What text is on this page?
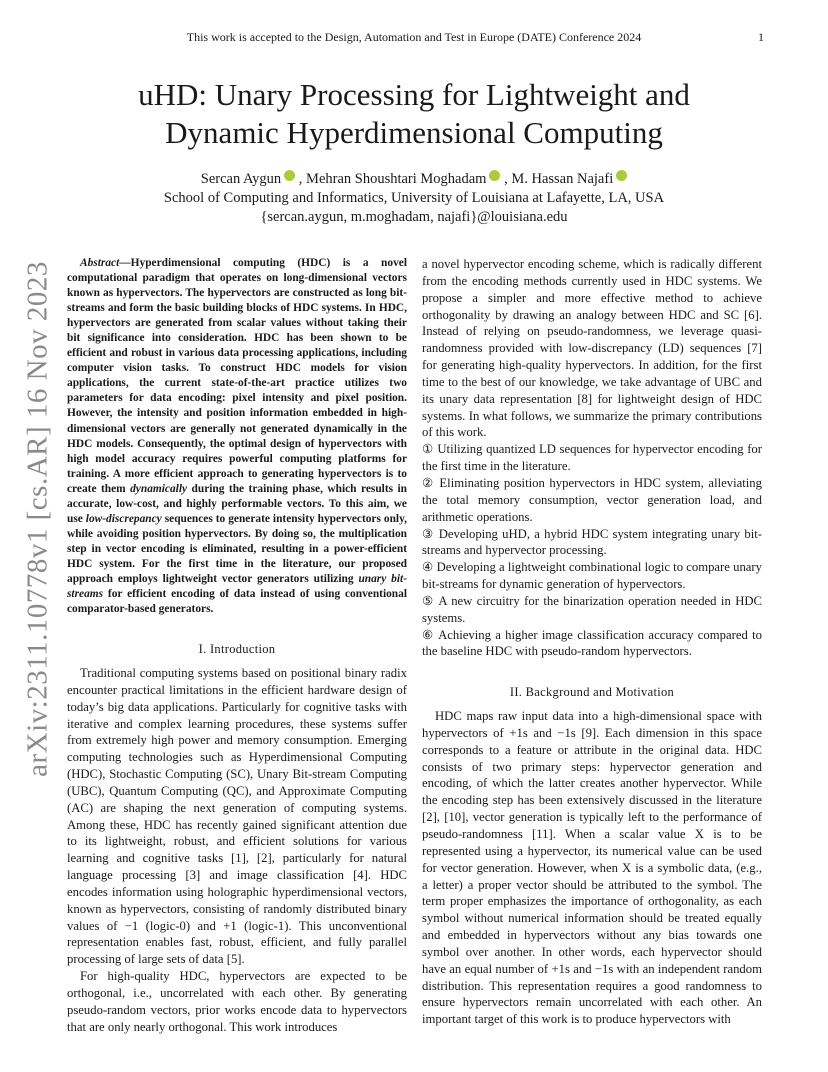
This work is accepted to the Design, Automation and Test in Europe (DATE) Conference 2024	1
arXiv:2311.10778v1 [cs.AR] 16 Nov 2023
uHD: Unary Processing for Lightweight and
Dynamic Hyperdimensional Computing
Sercan Aygun , Mehran Shoushtari Moghadam , M. Hassan Najafi
School of Computing and Informatics, University of Louisiana at Lafayette, LA, USA
{sercan.aygun, m.moghadam, najafi}@louisiana.edu

Abstract—Hyperdimensional computing (HDC) is a novel computational paradigm that operates on long-dimensional vectors known as hypervectors. The hypervectors are constructed as long bit-streams and form the basic building blocks of HDC systems. In HDC, hypervectors are generated from scalar values without taking their bit significance into consideration. HDC has been shown to be efficient and robust in various data processing applications, including computer vision tasks. To construct HDC models for vision applications, the current state-of-the-art practice utilizes two parameters for data encoding: pixel intensity and pixel position. However, the intensity and position information embedded in high-dimensional vectors are generally not generated dynamically in the HDC models. Consequently, the optimal design of hypervectors with high model accuracy requires powerful computing platforms for training. A more efficient approach to generating hypervectors is to create them dynamically during the training phase, which results in accurate, low-cost, and highly performable vectors. To this aim, we use low-discrepancy sequences to generate intensity hypervectors only, while avoiding position hypervectors. By doing so, the multiplication step in vector encoding is eliminated, resulting in a power-efficient HDC system. For the first time in the literature, our proposed approach employs lightweight vector generators utilizing unary bit-streams for efficient encoding of data instead of using conventional comparator-based generators.

I. Introduction

Traditional computing systems based on positional binary radix encounter practical limitations in the efficient hardware design of today’s big data applications. Particularly for cognitive tasks with iterative and complex learning procedures, these systems suffer from extremely high power and memory consumption. Emerging computing technologies such as Hyperdimensional Computing (HDC), Stochastic Computing (SC), Unary Bit-stream Computing (UBC), Quantum Computing (QC), and Approximate Computing (AC) are shaping the next generation of computing systems. Among these, HDC has recently gained significant attention due to its lightweight, robust, and efficient solutions for various learning and cognitive tasks [1], [2], particularly for natural language processing [3] and image classification [4]. HDC encodes information using holographic hyperdimensional vectors, known as hypervectors, consisting of randomly distributed binary values of −1 (logic-0) and +1 (logic-1). This unconventional representation enables fast, robust, efficient, and fully parallel processing of large sets of data [5].

For high-quality HDC, hypervectors are expected to be orthogonal, i.e., uncorrelated with each other. By generating pseudo-random vectors, prior works encode data to hypervectors that are only nearly orthogonal. This work introduces

a novel hypervector encoding scheme, which is radically different from the encoding methods currently used in HDC systems. We propose a simpler and more effective method to achieve orthogonality by drawing an analogy between HDC and SC [6]. Instead of relying on pseudo-randomness, we leverage quasi-randomness provided with low-discrepancy (LD) sequences [7] for generating high-quality hypervectors. In addition, for the first time to the best of our knowledge, we take advantage of UBC and its unary data representation [8] for lightweight design of HDC systems. In what follows, we summarize the primary contributions of this work.

① Utilizing quantized LD sequences for hypervector encoding for the first time in the literature.

② Eliminating position hypervectors in HDC system, alleviating the total memory consumption, vector generation load, and arithmetic operations.

③ Developing uHD, a hybrid HDC system integrating unary bit-streams and hypervector processing.

④ Developing a lightweight combinational logic to compare unary bit-streams for dynamic generation of hypervectors.

⑤ A new circuitry for the binarization operation needed in HDC systems.

⑥ Achieving a higher image classification accuracy compared to the baseline HDC with pseudo-random hypervectors.

II. Background and Motivation

HDC maps raw input data into a high-dimensional space with hypervectors of +1s and −1s [9]. Each dimension in this space corresponds to a feature or attribute in the original data. HDC consists of two primary steps: hypervector generation and encoding, of which the latter creates another hypervector. While the encoding step has been extensively discussed in the literature [2], [10], vector generation is typically left to the performance of pseudo-randomness [11]. When a scalar value X is to be represented using a hypervector, its numerical value can be used for vector generation. However, when X is a symbolic data, (e.g., a letter) a proper vector should be attributed to the symbol. The term proper emphasizes the importance of orthogonality, as each symbol without numerical information should be treated equally and embedded in hypervectors without any bias towards one symbol over another. In other words, each hypervector should have an equal number of +1s and −1s with an independent random distribution. This representation requires a good randomness to ensure hypervectors remain uncorrelated with each other. An important target of this work is to produce hypervectors with
